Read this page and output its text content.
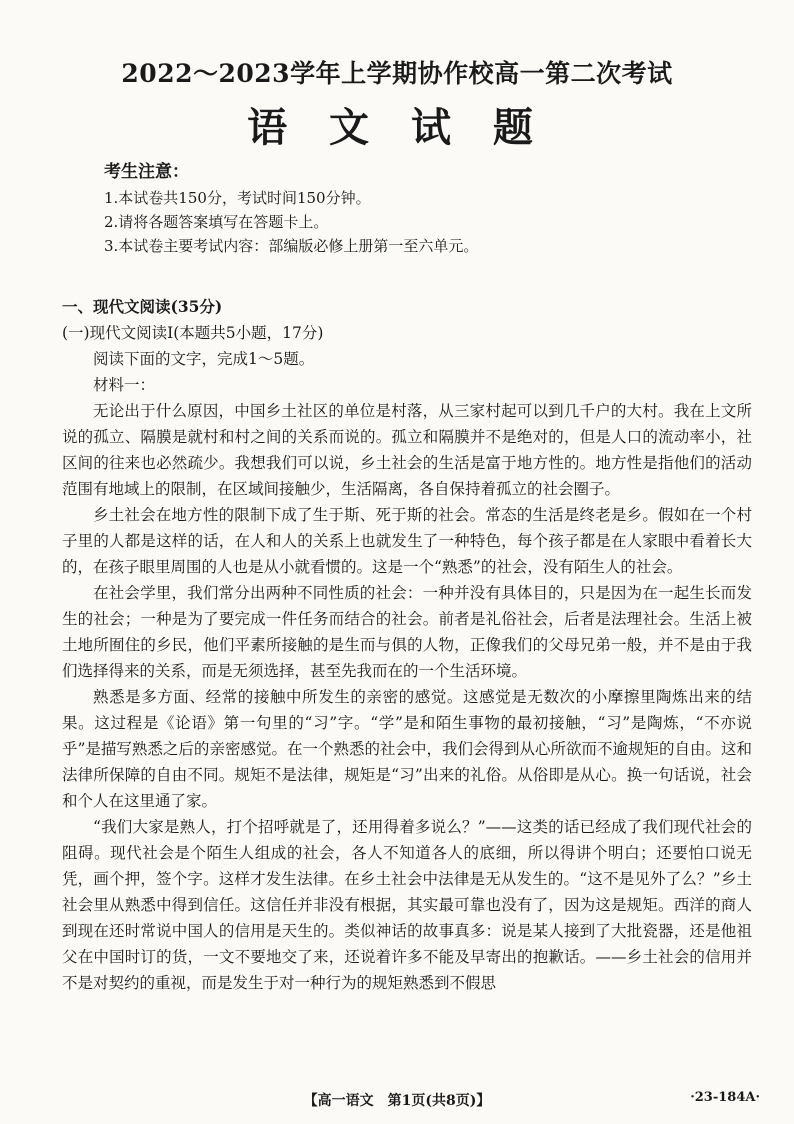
2022～2023学年上学期协作校高一第二次考试
语 文 试 题
考生注意：
1.本试卷共150分，考试时间150分钟。
2.请将各题答案填写在答题卡上。
3.本试卷主要考试内容：部编版必修上册第一至六单元。
一、现代文阅读(35分)
(一)现代文阅读Ⅰ(本题共5小题，17分)
阅读下面的文字，完成1～5题。
材料一：

无论出于什么原因，中国乡土社区的单位是村落，从三家村起可以到几千户的大村。我在上文所说的孤立、隔膜是就村和村之间的关系而说的。孤立和隔膜并不是绝对的，但是人口的流动率小，社区间的往来也必然疏少。我想我们可以说，乡土社会的生活是富于地方性的。地方性是指他们的活动范围有地域上的限制，在区域间接触少，生活隔离，各自保持着孤立的社会圈子。

乡土社会在地方性的限制下成了生于斯、死于斯的社会。常态的生活是终老是乡。假如在一个村子里的人都是这样的话，在人和人的关系上也就发生了一种特色，每个孩子都是在人家眼中看着长大的，在孩子眼里周围的人也是从小就看惯的。这是一个“熟悉”的社会，没有陌生人的社会。

在社会学里，我们常分出两种不同性质的社会：一种并没有具体目的，只是因为在一起生长而发生的社会；一种是为了要完成一件任务而结合的社会。前者是礼俗社会，后者是法理社会。生活上被土地所囿住的乡民，他们平素所接触的是生而与俱的人物，正像我们的父母兄弟一般，并不是由于我们选择得来的关系，而是无须选择，甚至先我而在的一个生活环境。

熟悉是多方面、经常的接触中所发生的亲密的感觉。这感觉是无数次的小摩擦里陶炼出来的结果。这过程是《论语》第一句里的“习”字。“学”是和陌生事物的最初接触，“习”是陶炼，“不亦说乎”是描写熟悉之后的亲密感觉。在一个熟悉的社会中，我们会得到从心所欲而不逾规矩的自由。这和法律所保障的自由不同。规矩不是法律，规矩是“习”出来的礼俗。从俗即是从心。换一句话说，社会和个人在这里通了家。

“我们大家是熟人，打个招呼就是了，还用得着多说么？”——这类的话已经成了我们现代社会的阻碍。现代社会是个陌生人组成的社会，各人不知道各人的底细，所以得讲个明白；还要怕口说无凭，画个押，签个字。这样才发生法律。在乡土社会中法律是无从发生的。“这不是见外了么？”乡土社会里从熟悉中得到信任。这信任并非没有根据，其实最可靠也没有了，因为这是规矩。西洋的商人到现在还时常说中国人的信用是天生的。类似神话的故事真多：说是某人接到了大批瓷器，还是他祖父在中国时订的货，一文不要地交了来，还说着许多不能及早寄出的抱歉话。——乡土社会的信用并不是对契约的重视，而是发生于对一种行为的规矩熟悉到不假思

【高一语文　第1页(共8页)】	·23-184A·
